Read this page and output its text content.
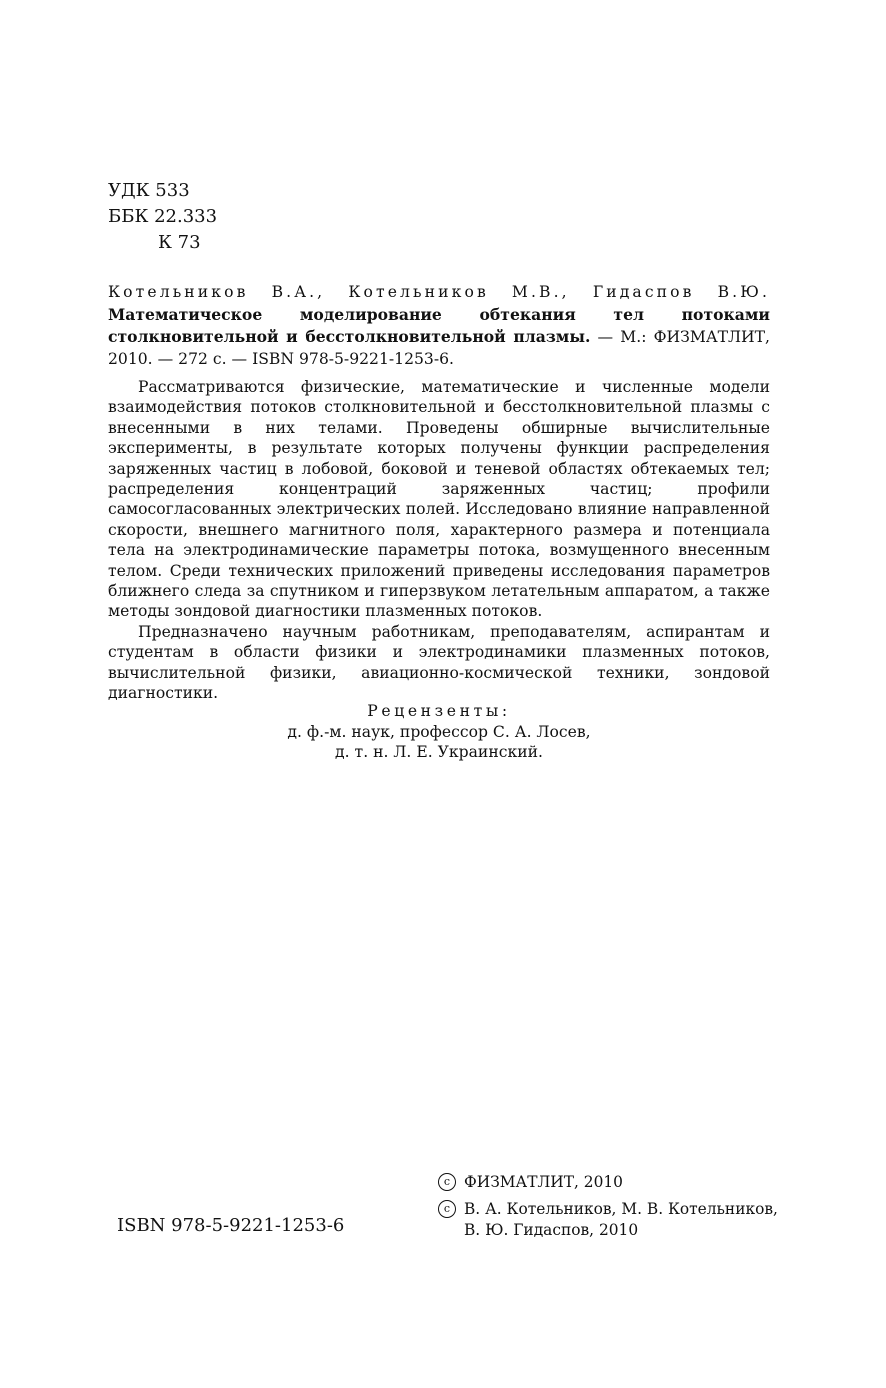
УДК 533
ББК 22.333
К 73
Котельников В.А., Котельников М.В., Гидаспов В.Ю.
Математическое моделирование обтекания тел потоками столкновительной и бесстолкновительной плазмы. — М.: ФИЗМАТЛИТ, 2010. — 272 с. — ISBN 978-5-9221-1253-6.

Рассматриваются физические, математические и численные модели взаимодействия потоков столкновительной и бесстолкновительной плазмы с внесенными в них телами. Проведены обширные вычислительные эксперименты, в результате которых получены функции распределения заряженных частиц в лобовой, боковой и теневой областях обтекаемых тел; распределения концентраций заряженных частиц; профили самосогласованных электрических полей. Исследовано влияние направленной скорости, внешнего магнитного поля, характерного размера и потенциала тела на электродинамические параметры потока, возмущенного внесенным телом. Среди технических приложений приведены исследования параметров ближнего следа за спутником и гиперзвуком летательным аппаратом, а также методы зондовой диагностики плазменных потоков.

Предназначено научным работникам, преподавателям, аспирантам и студентам в области физики и электродинамики плазменных потоков, вычислительной физики, авиационно-космической техники, зондовой диагностики.

Рецензенты:
д. ф.-м. наук, профессор С. А. Лосев,
д. т. н. Л. Е. Украинский.
ISBN 978-5-9221-1253-6
c ФИЗМАТЛИТ, 2010
c В. А. Котельников, М. В. Котельников,
В. Ю. Гидаспов, 2010
